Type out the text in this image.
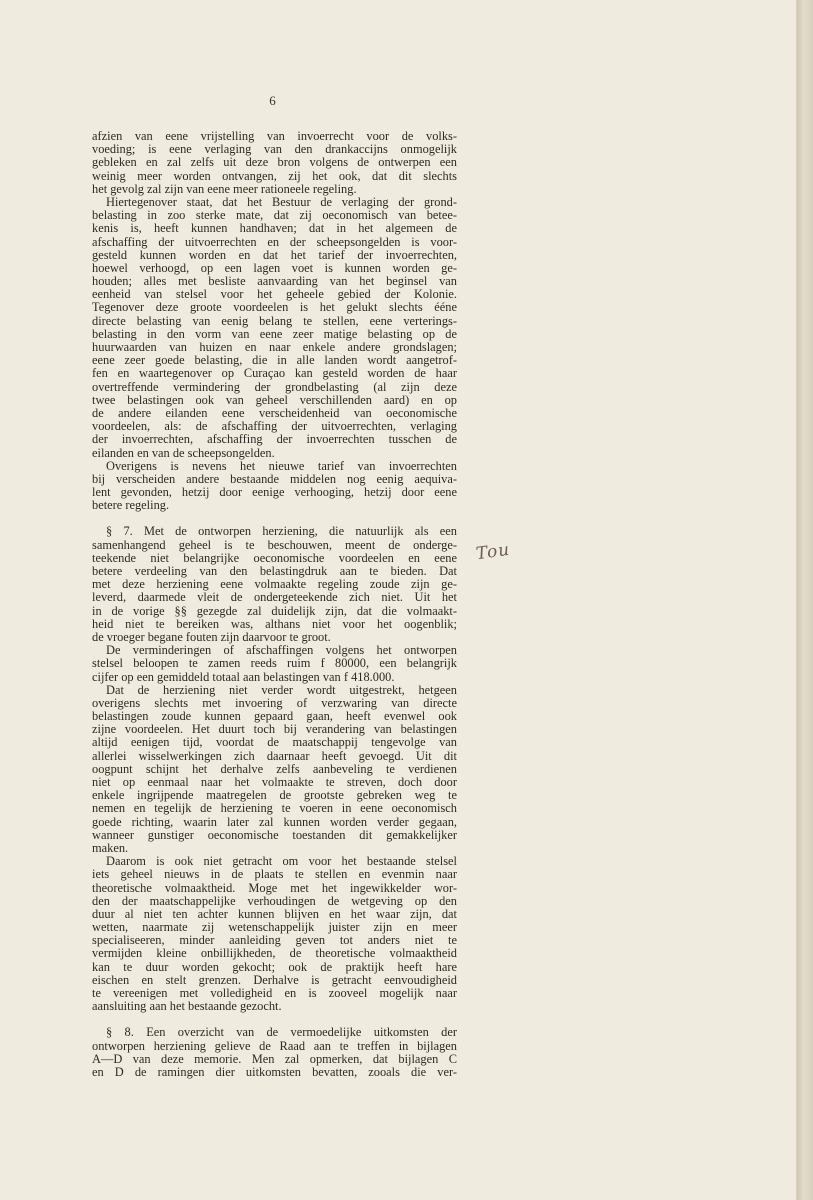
6
afzien van eene vrijstelling van invoerrecht voor de volks-
voeding; is eene verlaging van den drankaccijns onmogelijk
gebleken en zal zelfs uit deze bron volgens de ontwerpen een
weinig meer worden ontvangen, zij het ook, dat dit slechts
het gevolg zal zijn van eene meer rationeele regeling.
Hiertegenover staat, dat het Bestuur de verlaging der grond-
belasting in zoo sterke mate, dat zij oeconomisch van betee-
kenis is, heeft kunnen handhaven; dat in het algemeen de
afschaffing der uitvoerrechten en der scheepsongelden is voor-
gesteld kunnen worden en dat het tarief der invoerrechten,
hoewel verhoogd, op een lagen voet is kunnen worden ge-
houden; alles met besliste aanvaarding van het beginsel van
eenheid van stelsel voor het geheele gebied der Kolonie.
Tegenover deze groote voordeelen is het gelukt slechts ééne
directe belasting van eenig belang te stellen, eene verterings-
belasting in den vorm van eene zeer matige belasting op de
huurwaarden van huizen en naar enkele andere grondslagen;
eene zeer goede belasting, die in alle landen wordt aangetrof-
fen en waartegenover op Curaçao kan gesteld worden de haar
overtreffende vermindering der grondbelasting (al zijn deze
twee belastingen ook van geheel verschillenden aard) en op
de andere eilanden eene verscheidenheid van oeconomische
voordeelen, als: de afschaffing der uitvoerrechten, verlaging
der invoerrechten, afschaffing der invoerrechten tusschen de
eilanden en van de scheepsongelden.
Overigens is nevens het nieuwe tarief van invoerrechten
bij verscheiden andere bestaande middelen nog eenig aequiva-
lent gevonden, hetzij door eenige verhooging, hetzij door eene
betere regeling.
§ 7. Met de ontworpen herziening, die natuurlijk als een
samenhangend geheel is te beschouwen, meent de onderge-
teekende niet belangrijke oeconomische voordeelen en eene
betere verdeeling van den belastingdruk aan te bieden. Dat
met deze herziening eene volmaakte regeling zoude zijn ge-
leverd, daarmede vleit de ondergeteekende zich niet. Uit het
in de vorige §§ gezegde zal duidelijk zijn, dat die volmaakt-
heid niet te bereiken was, althans niet voor het oogenblik;
de vroeger begane fouten zijn daarvoor te groot.
De verminderingen of afschaffingen volgens het ontworpen
stelsel beloopen te zamen reeds ruim f 80000, een belangrijk
cijfer op een gemiddeld totaal aan belastingen van f 418.000.
Dat de herziening niet verder wordt uitgestrekt, hetgeen
overigens slechts met invoering of verzwaring van directe
belastingen zoude kunnen gepaard gaan, heeft evenwel ook
zijne voordeelen. Het duurt toch bij verandering van belastingen
altijd eenigen tijd, voordat de maatschappij tengevolge van
allerlei wisselwerkingen zich daarnaar heeft gevoegd. Uit dit
oogpunt schijnt het derhalve zelfs aanbeveling te verdienen
niet op eenmaal naar het volmaakte te streven, doch door
enkele ingrijpende maatregelen de grootste gebreken weg te
nemen en tegelijk de herziening te voeren in eene oeconomisch
goede richting, waarin later zal kunnen worden verder gegaan,
wanneer gunstiger oeconomische toestanden dit gemakkelijker
maken.
Daarom is ook niet getracht om voor het bestaande stelsel
iets geheel nieuws in de plaats te stellen en evenmin naar
theoretische volmaaktheid. Moge met het ingewikkelder wor-
den der maatschappelijke verhoudingen de wetgeving op den
duur al niet ten achter kunnen blijven en het waar zijn, dat
wetten, naarmate zij wetenschappelijk juister zijn en meer
specialiseeren, minder aanleiding geven tot anders niet te
vermijden kleine onbillijkheden, de theoretische volmaaktheid
kan te duur worden gekocht; ook de praktijk heeft hare
eischen en stelt grenzen. Derhalve is getracht eenvoudigheid
te vereenigen met volledigheid en is zooveel mogelijk naar
aansluiting aan het bestaande gezocht.
§ 8. Een overzicht van de vermoedelijke uitkomsten der
ontworpen herziening gelieve de Raad aan te treffen in bijlagen
A—D van deze memorie. Men zal opmerken, dat bijlagen C
en D de ramingen dier uitkomsten bevatten, zooals die ver-
Tou
